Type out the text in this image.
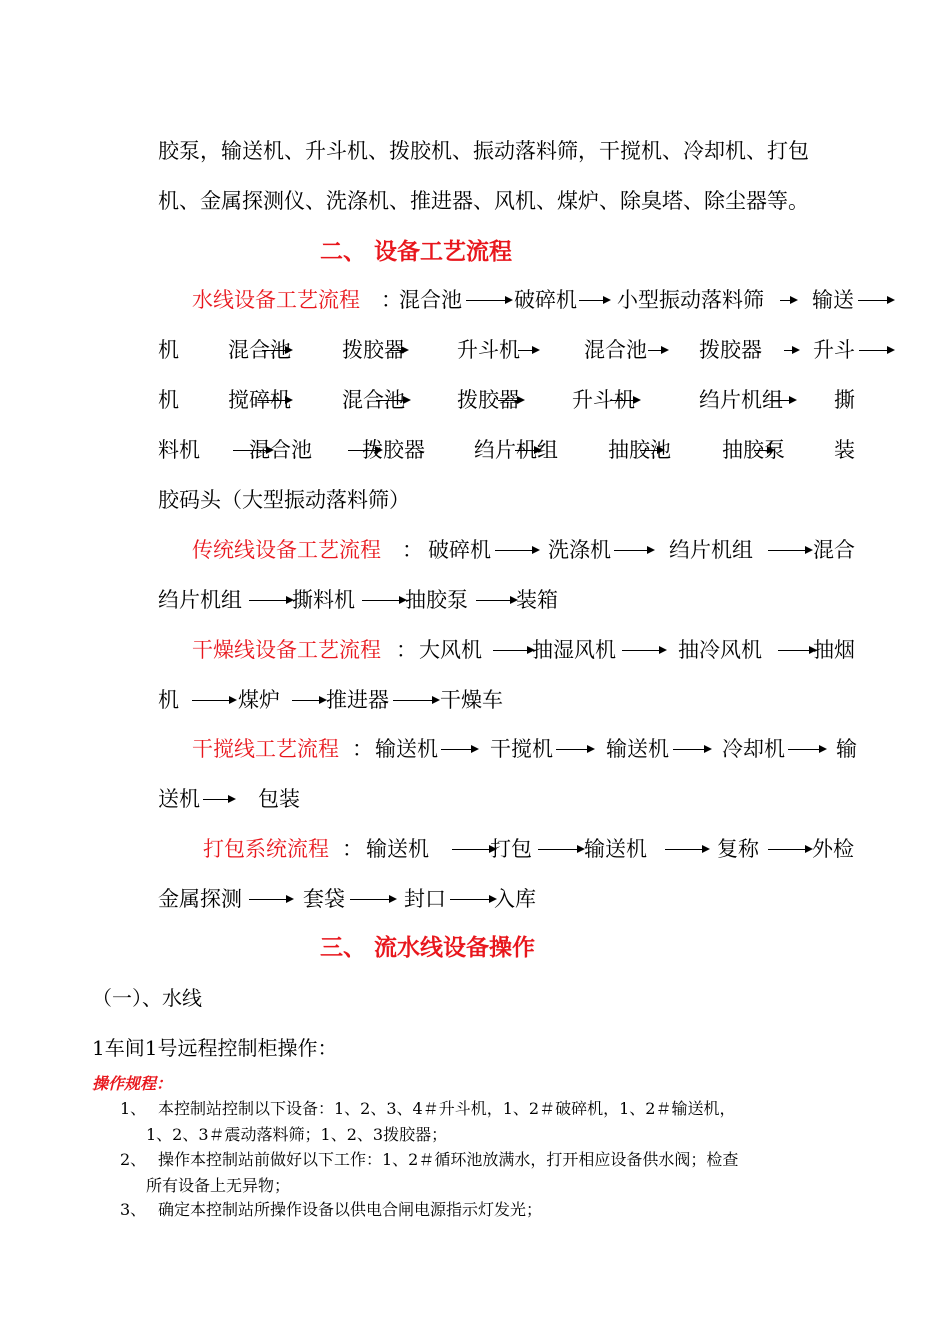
胶泵，输送机、升斗机、拨胶机、振动落料筛，干搅机、冷却机、打包
机、金属探测仪、洗涤机、推进器、风机、煤炉、除臭塔、除尘器等。
二、 设备工艺流程
水线设备工艺流程 ：
混合池 破碎机 小型振动落料筛 输送
机 混合池 拨胶器 升斗机	混合池 拨胶器 升斗
机 搅碎机 混合池 拨胶器 升斗机	绉片机组 撕
料机 混合池 拨胶器 绉片机组 抽胶池 抽胶泵 装
胶码头（大型振动落料筛）
传统线设备工艺流程 ： 破碎机	洗涤机	绉片机组	混合
绉片机组 撕料机 抽胶泵 装箱
干燥线设备工艺流程 ： 大风机 抽湿风机	抽冷风机 抽烟
机	煤炉 推进器 干燥车
干搅线工艺流程 ： 输送机 干搅机	输送机	冷却机 输
送机	包装
打包系统流程 ： 输送机	打包 输送机	复称	外检
金属探测	套袋	封口 入库
三、 流水线设备操作
（一）、水线
1车间1号远程控制柜操作：
操作规程：
1、 本控制站控制以下设备：1、2、3、4＃升斗机，1、2＃破碎机，1、2＃输送机，
1、2、3＃震动落料筛；1、2、3拨胶器；
2、 操作本控制站前做好以下工作：1、2＃循环池放满水，打开相应设备供水阀；检查
所有设备上无异物；
3、 确定本控制站所操作设备以供电合闸电源指示灯发光；
